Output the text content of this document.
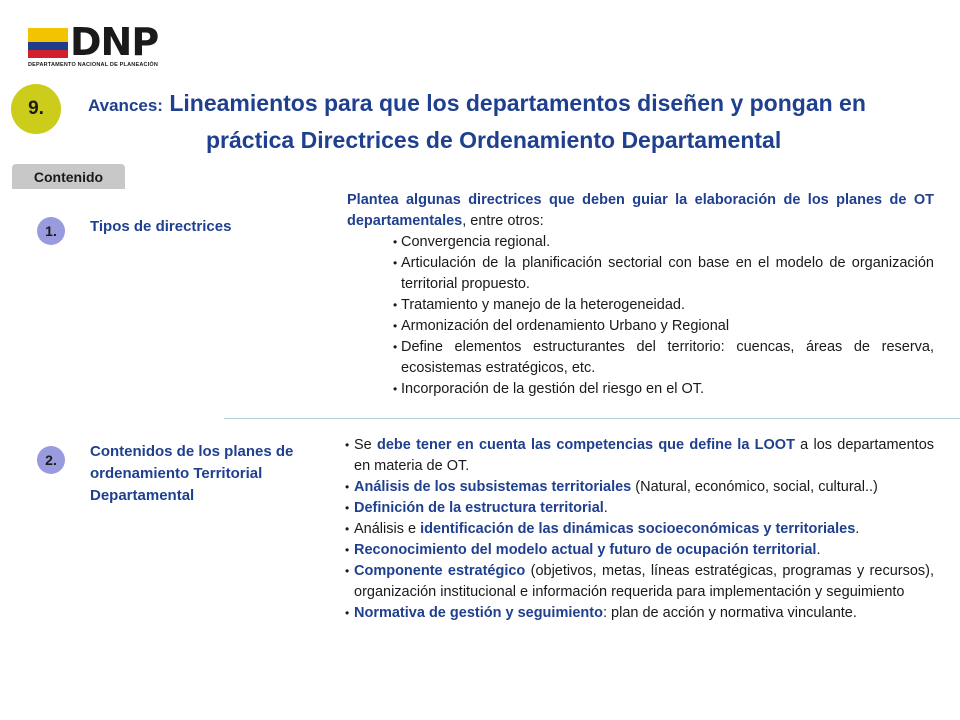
DNP
DEPARTAMENTO NACIONAL DE PLANEACIÓN
9.	Avances: Lineamientos para que los departamentos diseñen y pongan en
práctica Directrices de Ordenamiento Departamental
Contenido
1.	Tipos de directrices
Plantea algunas directrices que deben guiar la elaboración de los planes de OT departamentales, entre otros:
• Convergencia regional.
• Articulación de la planificación sectorial con base en el modelo de organización territorial propuesto.
• Tratamiento y manejo de la heterogeneidad.
• Armonización del ordenamiento Urbano y Regional
• Define elementos estructurantes del territorio: cuencas, áreas de reserva, ecosistemas estratégicos, etc.
• Incorporación de la gestión del riesgo en el OT.
2.	Contenidos de los planes de ordenamiento Territorial Departamental
• Se debe tener en cuenta las competencias que define la LOOT a los departamentos en materia de OT.
• Análisis de los subsistemas territoriales (Natural, económico, social, cultural..)
• Definición de la estructura territorial.
• Análisis e identificación de las dinámicas socioeconómicas y territoriales.
• Reconocimiento del modelo actual y futuro de ocupación territorial.
• Componente estratégico (objetivos, metas, líneas estratégicas, programas y recursos), organización institucional e información requerida para implementación y seguimiento
• Normativa de gestión y seguimiento: plan de acción y normativa vinculante.
